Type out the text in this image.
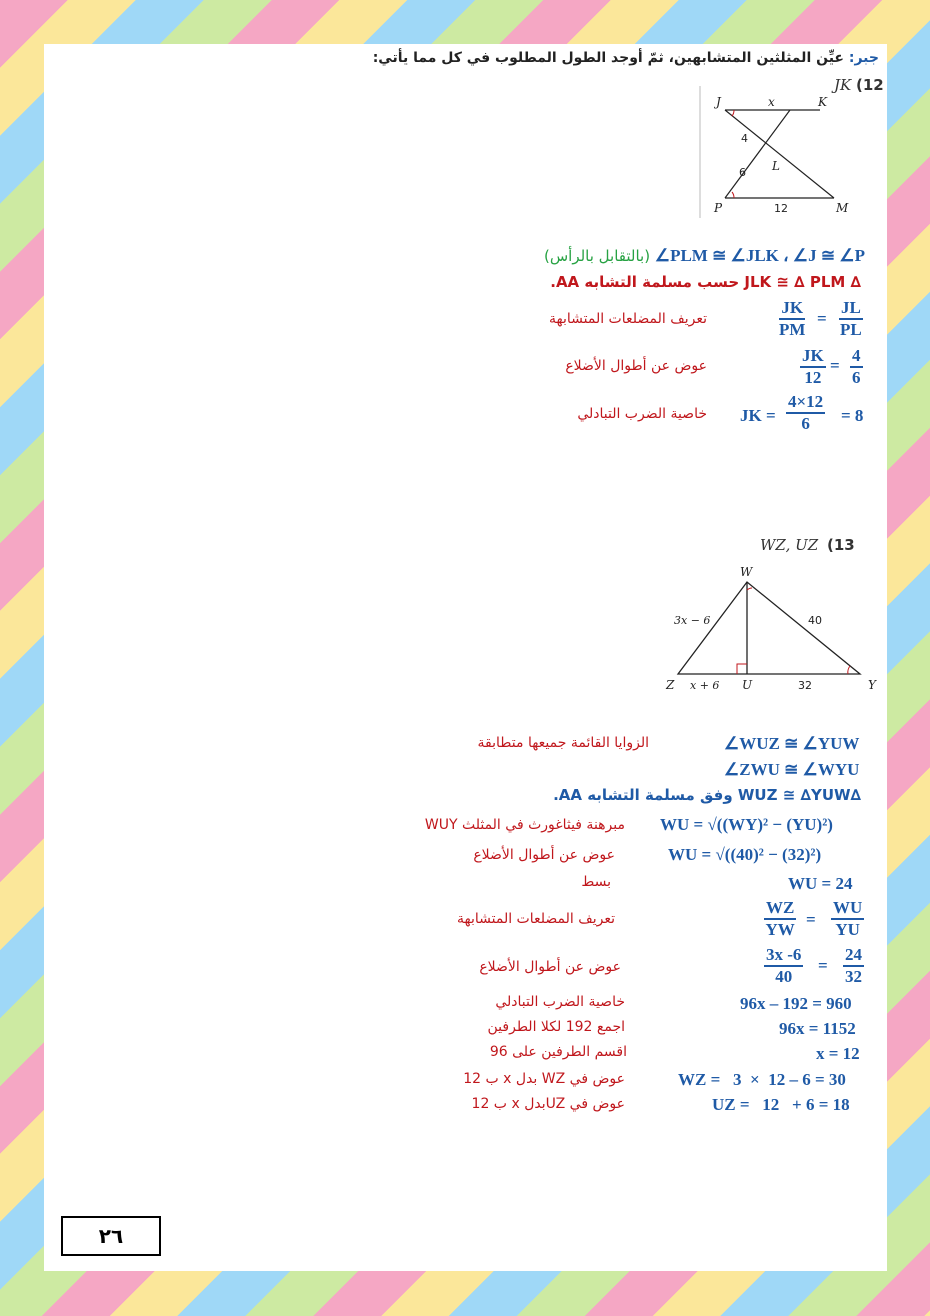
جبر: عيِّن المثلثين المتشابهين، ثمّ أوجد الطول المطلوب في كل مما يأتي:
JK (12
J	K
P	M
L
x
4
6
12
∠PLM ≅ ∠JLK ، ∠J ≅ ∠P (بالتقابل بالرأس)
∆ JLK ≅ ∆ PLM حسب مسلمة التشابه AA.
$\frac{JL}{PL}$
=
$\frac{JK}{PM}$
تعريف المضلعات المتشابهة
$\frac{4}{6}$
=
$\frac{JK}{12}$
عوض عن أطوال الأضلاع
JK = $\frac{4\times 12}{6} = 8$
خاصية الضرب التبادلي
WZ, UZ (13
W
Z	U	Y
3x − 6	40
x + 6	32
∠WUZ ≅ ∠YUW
الزوايا القائمة جميعها متطابقة
∠ZWU ≅ ∠WYU
∆WUZ ≅ ∆YUW وفق مسلمة التشابه AA.
WU = √((WY)² − (YU)²)
مبرهنة فيثاغورث في المثلث WUY
WU = √((40)² − (32)²)
عوض عن أطوال الأضلاع
WU = 24
بسط
$\frac{WU}{YU}$
=
$\frac{WZ}{YW}$
تعريف المضلعات المتشابهة
$\frac{24}{32}$
=
$\frac{3x -6}{40}$
عوض عن أطوال الأضلاع
96x – 192 = 960
خاصية الضرب التبادلي
96x = 1152
اجمع 192 لكلا الطرفين
x = 12
اقسم الطرفين على 96
WZ =   3  ×  12 – 6 = 30
عوض في WZ بدل x ب 12
UZ =   12   + 6 = 18
عوض في UZبدل x ب 12
٢٦
